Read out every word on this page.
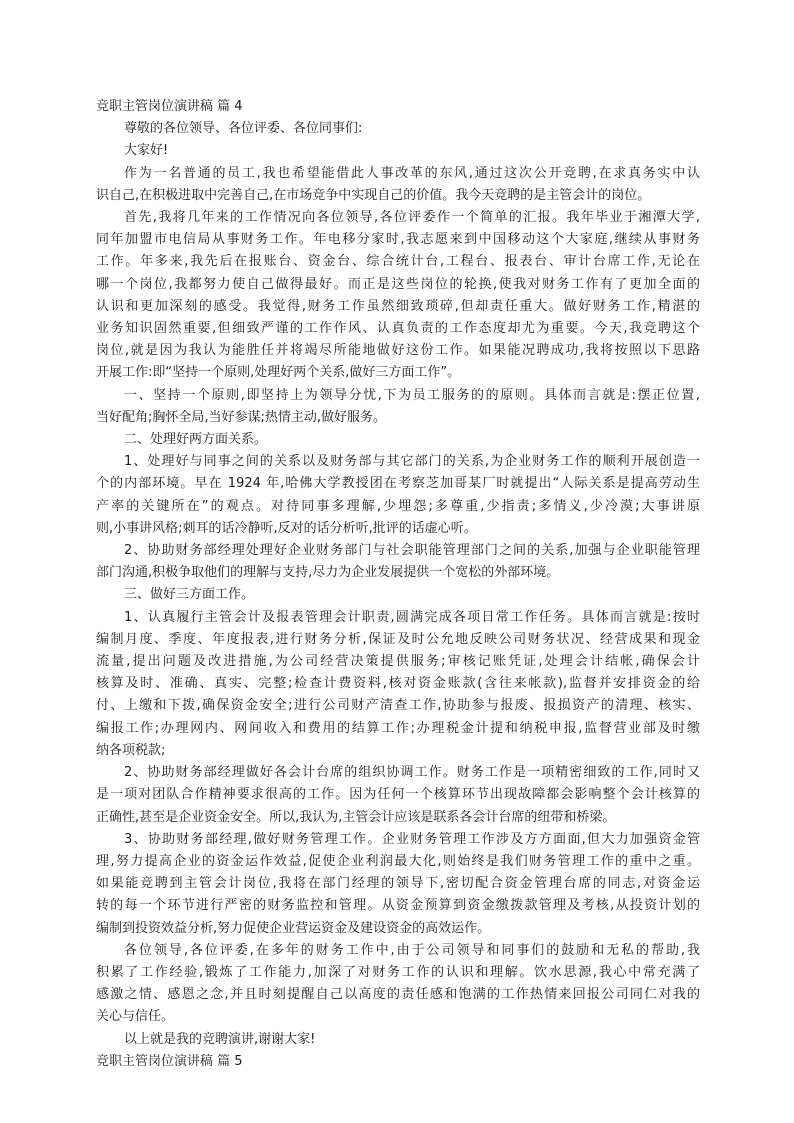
竞职主管岗位演讲稿 篇 4
尊敬的各位领导、各位评委、各位同事们:
大家好!
作为一名普通的员工,我也希望能借此人事改革的东风,通过这次公开竞聘,在求真务实中认
识自己,在积极进取中完善自己,在市场竞争中实现自己的价值。我今天竞聘的是主管会计的岗位。
首先,我将几年来的工作情况向各位领导,各位评委作一个简单的汇报。我年毕业于湘潭大学,
同年加盟市电信局从事财务工作。年电移分家时,我志愿来到中国移动这个大家庭,继续从事财务
工作。年多来,我先后在报账台、资金台、综合统计台,工程台、报表台、审计台席工作,无论在
哪一个岗位,我都努力使自己做得最好。而正是这些岗位的轮换,使我对财务工作有了更加全面的
认识和更加深刻的感受。我觉得,财务工作虽然细致琐碎,但却责任重大。做好财务工作,精湛的
业务知识固然重要,但细致严谨的工作作风、认真负责的工作态度却尤为重要。今天,我竞聘这个
岗位,就是因为我认为能胜任并将竭尽所能地做好这份工作。如果能况聘成功,我将按照以下思路
开展工作:即“坚持一个原则,处理好两个关系,做好三方面工作”。
一、坚持一个原则,即坚持上为领导分忧,下为员工服务的的原则。具体而言就是:摆正位置,
当好配角;胸怀全局,当好参谋;热情主动,做好服务。
二、处理好两方面关系。
1、处理好与同事之间的关系以及财务部与其它部门的关系,为企业财务工作的顺利开展创造一
个的内部环境。早在 1924 年,哈佛大学教授团在考察芝加哥某厂时就提出“人际关系是提高劳动生
产率的关键所在”的观点。对待同事多理解,少埋怨;多尊重,少指责;多情义,少冷漠;大事讲原
则,小事讲风格;刺耳的话冷静听,反对的话分析听,批评的话虚心听。
2、协助财务部经理处理好企业财务部门与社会职能管理部门之间的关系,加强与企业职能管理
部门沟通,积极争取他们的理解与支持,尽力为企业发展提供一个宽松的外部环境。
三、做好三方面工作。
1、认真履行主管会计及报表管理会计职责,圆满完成各项日常工作任务。具体而言就是:按时
编制月度、季度、年度报表,进行财务分析,保证及时公允地反映公司财务状况、经营成果和现金
流量,提出问题及改进措施,为公司经营决策提供服务;审核记账凭证,处理会计结帐,确保会计
核算及时、准确、真实、完整;检查计费资料,核对资金账款(含往来帐款),监督并安排资金的给
付、上缴和下拨,确保资金安全;进行公司财产清查工作,协助参与报废、报损资产的清理、核实、
编报工作;办理网内、网间收入和费用的结算工作;办理税金计提和纳税申报,监督营业部及时缴
纳各项税款;
2、协助财务部经理做好各会计台席的组织协调工作。财务工作是一项精密细致的工作,同时又
是一项对团队合作精神要求很高的工作。因为任何一个核算环节出现故障都会影响整个会计核算的
正确性,甚至是企业资金安全。所以,我认为,主管会计应该是联系各会计台席的纽带和桥梁。
3、协助财务部经理,做好财务管理工作。企业财务管理工作涉及方方面面,但大力加强资金管
理,努力提高企业的资金运作效益,促使企业利润最大化,则始终是我们财务管理工作的重中之重。
如果能竞聘到主管会计岗位,我将在部门经理的领导下,密切配合资金管理台席的同志,对资金运
转的每一个环节进行严密的财务监控和管理。从资金预算到资金缴拨款管理及考核,从投资计划的
编制到投资效益分析,努力促使企业营运资金及建设资金的高效运作。
各位领导,各位评委,在多年的财务工作中,由于公司领导和同事们的鼓励和无私的帮助,我
积累了工作经验,锻炼了工作能力,加深了对财务工作的认识和理解。饮水思源,我心中常充满了
感激之情、感恩之念,并且时刻提醒自己以高度的责任感和饱满的工作热情来回报公司同仁对我的
关心与信任。
以上就是我的竞聘演讲,谢谢大家!
竞职主管岗位演讲稿 篇 5
